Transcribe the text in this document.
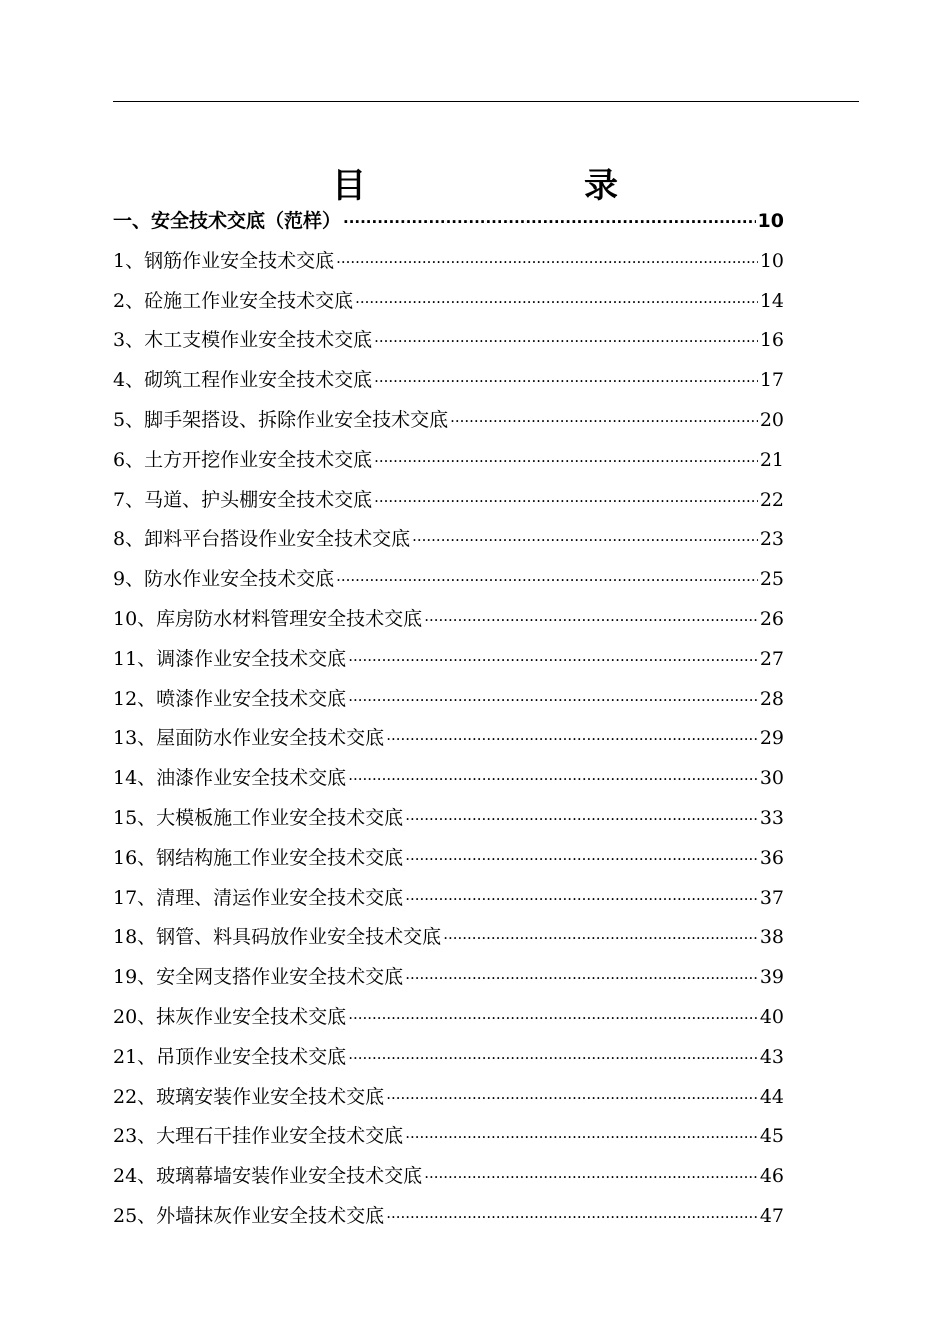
目　录
一、安全技术交底（范样） ·····	10
1、钢筋作业安全技术交底 ·····	10
2、砼施工作业安全技术交底 ·····	14
3、木工支模作业安全技术交底 ·····	16
4、砌筑工程作业安全技术交底 ·····	17
5、脚手架搭设、拆除作业安全技术交底 ·····	20
6、土方开挖作业安全技术交底 ·····	21
7、马道、护头棚安全技术交底 ·····	22
8、卸料平台搭设作业安全技术交底 ·····	23
9、防水作业安全技术交底 ·····	25
10、库房防水材料管理安全技术交底 ·····	26
11、调漆作业安全技术交底 ·····	27
12、喷漆作业安全技术交底 ·····	28
13、屋面防水作业安全技术交底 ·····	29
14、油漆作业安全技术交底 ·····	30
15、大模板施工作业安全技术交底 ·····	33
16、钢结构施工作业安全技术交底 ·····	36
17、清理、清运作业安全技术交底 ·····	37
18、钢管、料具码放作业安全技术交底 ·····	38
19、安全网支搭作业安全技术交底 ·····	39
20、抹灰作业安全技术交底 ·····	40
21、吊顶作业安全技术交底 ·····	43
22、玻璃安装作业安全技术交底 ·····	44
23、大理石干挂作业安全技术交底 ·····	45
24、玻璃幕墙安装作业安全技术交底 ·····	46
25、外墙抹灰作业安全技术交底 ·····	47
